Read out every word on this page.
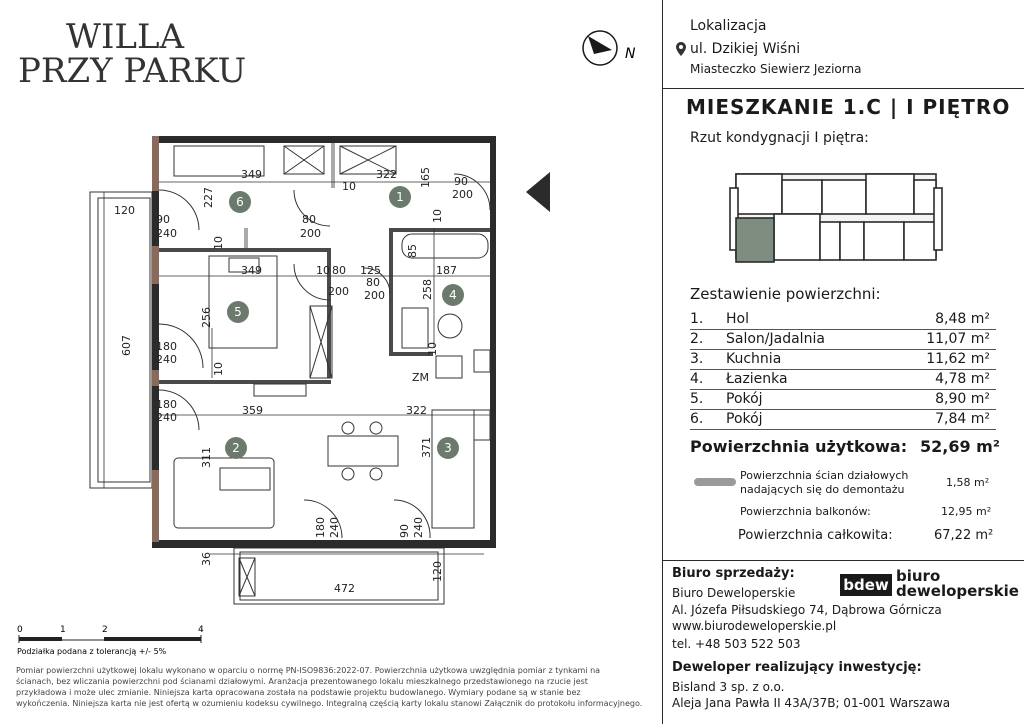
WILLA
PRZY PARKU	N
Lokalizacja
ul. Dzikiej Wiśni
Miasteczko Siewierz Jeziorna
MIESZKANIE 1.C | I PIĘTRO
Rzut kondygnacji I piętra:
Zestawienie powierzchni:
1. Hol	8,48 m²
2. Salon/Jadalnia	11,07 m²
3. Kuchnia	11,62 m²
4. Łazienka	4,78 m²
5. Pokój	8,90 m²
6. Pokój	7,84 m²
Powierzchnia użytkowa: 52,69 m²
Powierzchnia ścian działowych
nadających się do demontażu
1,58 m²
Powierzchnia balkonów:	12,95 m²
Powierzchnia całkowita:	67,22 m²
Biuro sprzedaży:
Biuro Deweloperskie
Al. Józefa Piłsudskiego 74, Dąbrowa Górnicza
www.biurodeweloperskie.pl
tel. +48 503 522 503
bdew biuro
deweloperskie
Deweloper realizujący inwestycję:
Bisland 3 sp. z o.o.
Aleja Jana Pawła II 43A/37B; 01-001 Warszawa
0	1	2	4
Podziałka podana z tolerancją +/- 5%
Pomiar powierzchni użytkowej lokalu wykonano w oparciu o normę PN-ISO9836:2022-07. Powierzchnia użytkowa uwzględnia pomiar z tynkami na
ścianach, bez wliczania powierzchni pod ścianami działowymi. Aranżacja prezentowanego lokalu mieszkalnego przedstawionego na rzucie jest
przykładowa i może ulec zmianie. Niniejsza karta opracowana została na podstawie projektu budowlanego. Wymiary podane są w stanie bez
wykończenia. Niniejsza karta nie jest ofertą w ozumieniu kodeksu cywilnego. Integralną częścią karty lokalu stanowi Załącznik do protokołu informacyjnego.
1
2	3
4
5
6
349	322 165
10
227
90
240
120
80
200
10
90
200
85
10
349	10 80 125	187
200
80
200	258
256
607 180
240
10
10
ZM
180
240
359	322
311	371
180 240	90 240
36
472
120
